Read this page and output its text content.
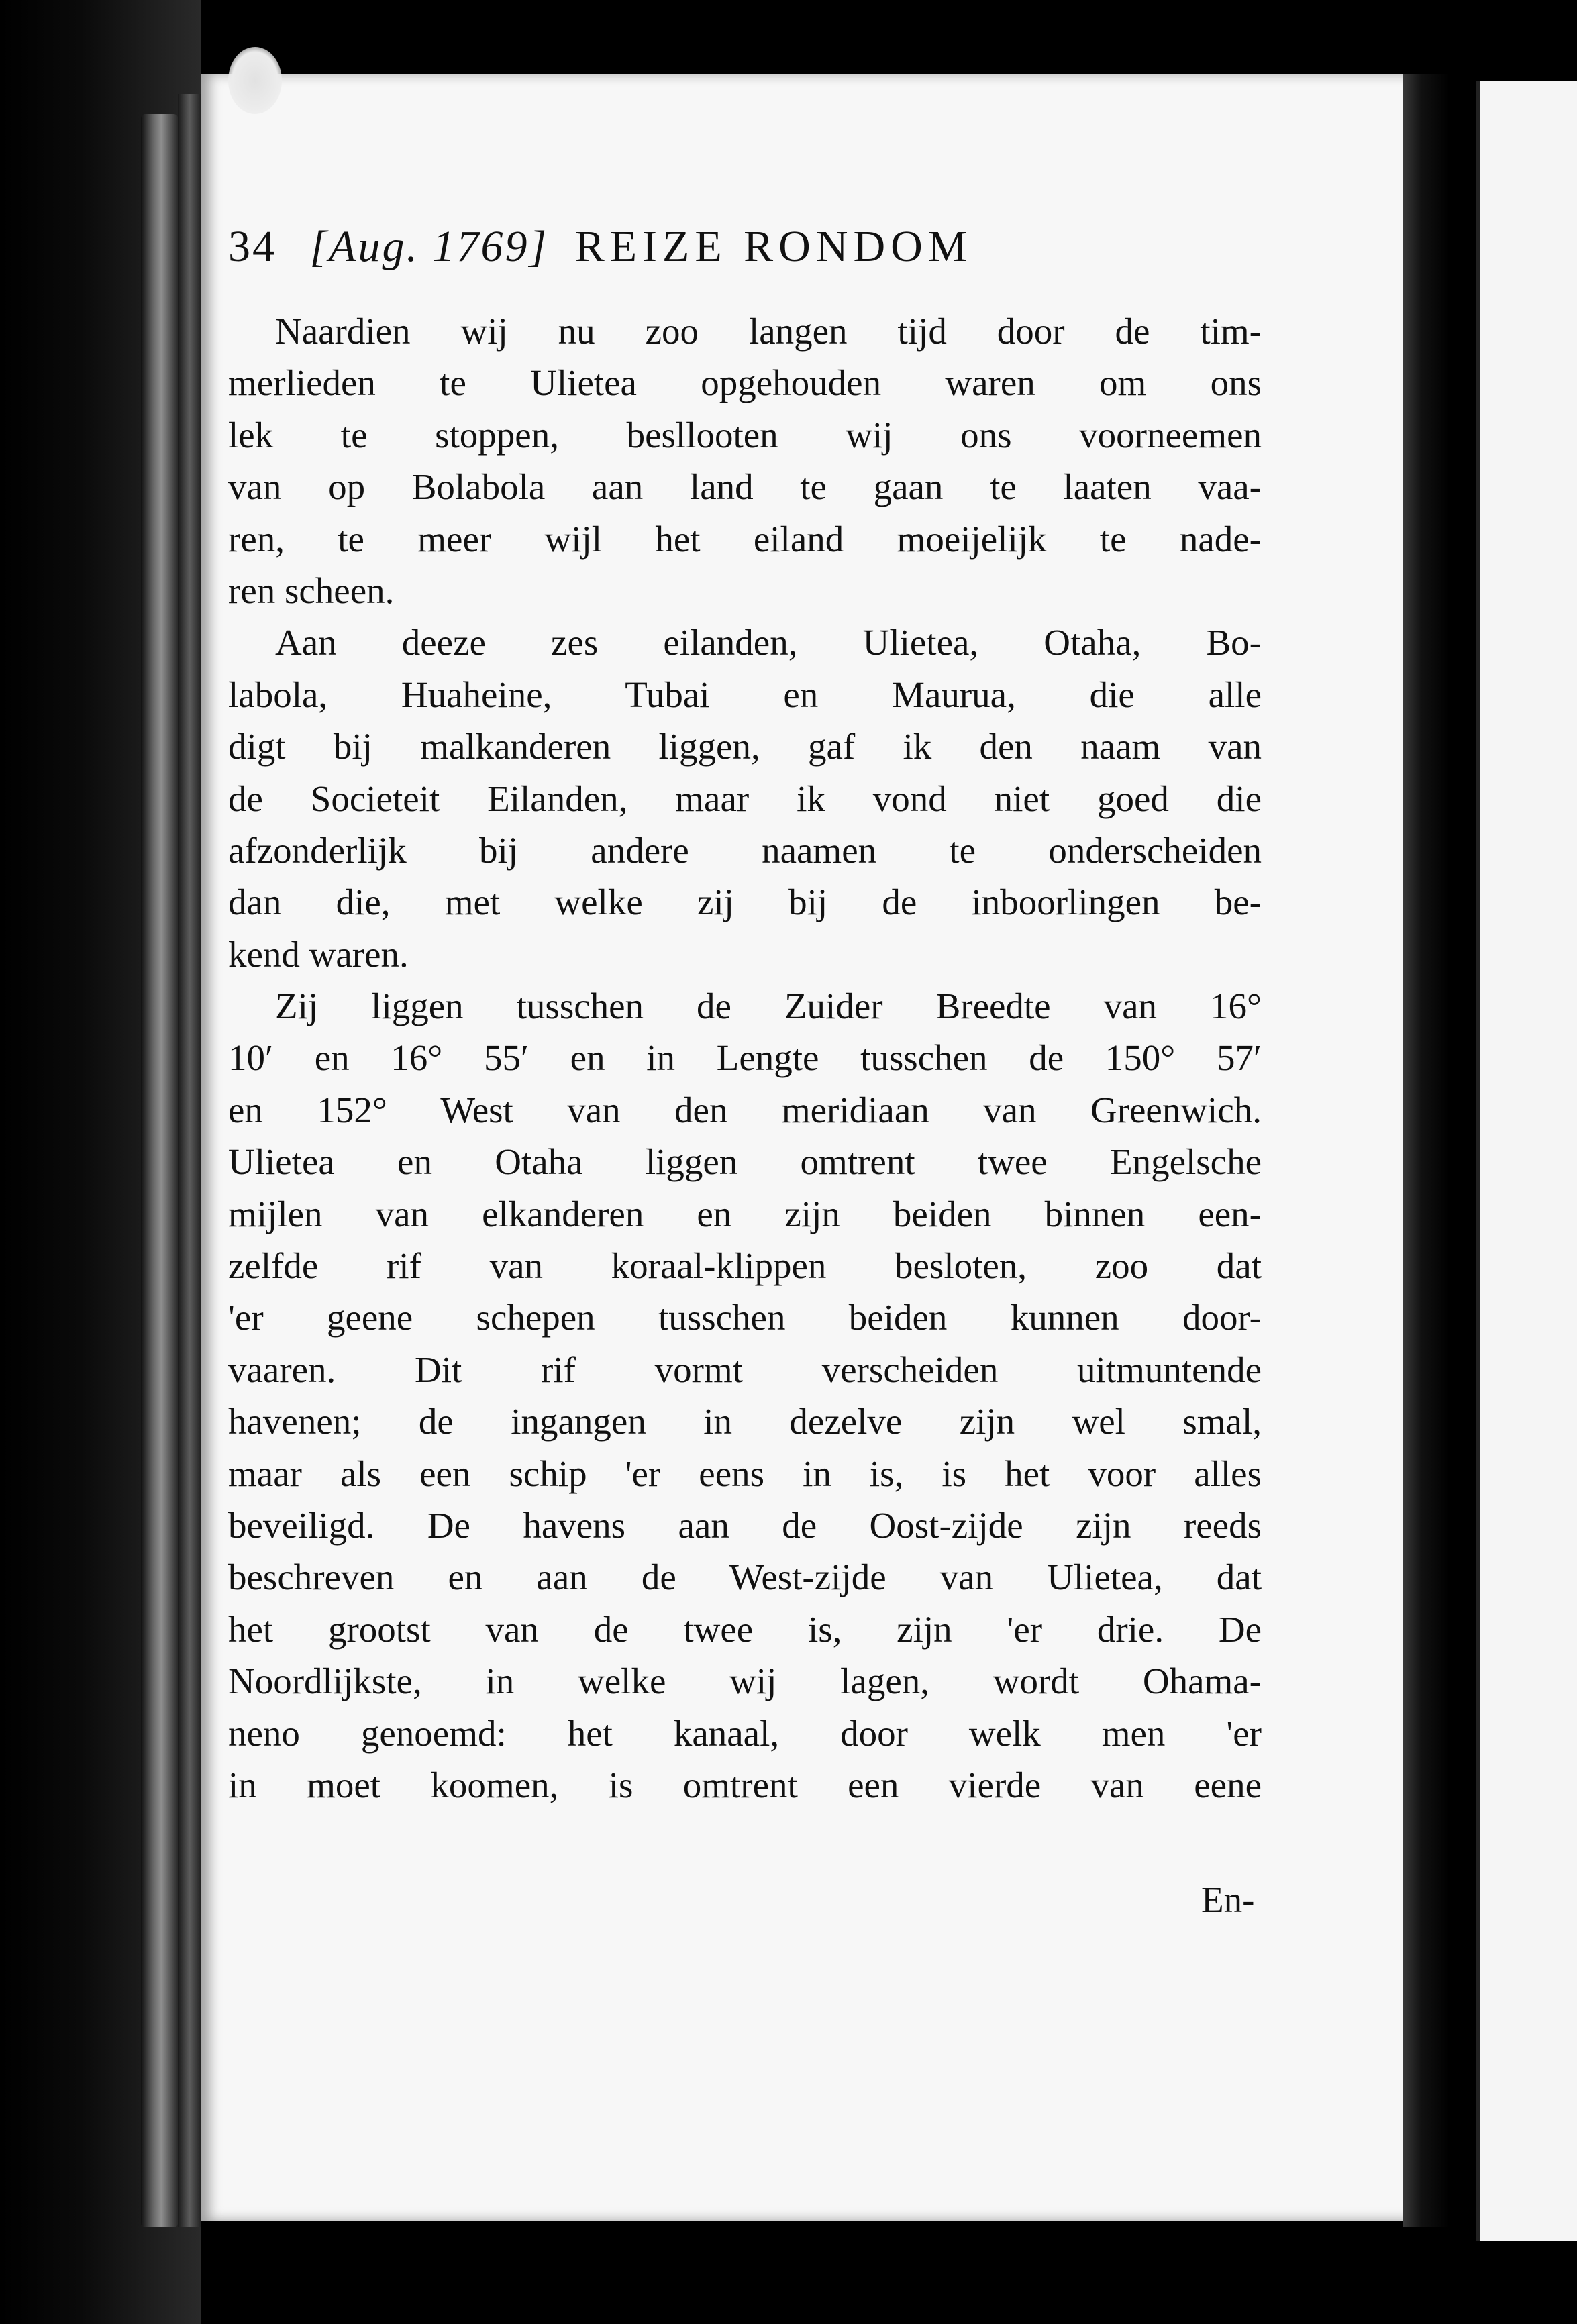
34 [Aug. 1769] REIZE RONDOM
Naardien wij nu zoo langen tijd door de tim-
merlieden te Ulietea opgehouden waren om ons
lek te stoppen, besllooten wij ons voorneemen
van op Bolabola aan land te gaan te laaten vaa-
ren, te meer wijl het eiland moeijelijk te nade-
ren scheen.
Aan deeze zes eilanden, Ulietea, Otaha, Bo-
labola, Huaheine, Tubai en Maurua, die alle
digt bij malkanderen liggen, gaf ik den naam van
de Societeit Eilanden, maar ik vond niet goed die
afzonderlijk bij andere naamen te onderscheiden
dan die, met welke zij bij de inboorlingen be-
kend waren.
Zij liggen tusschen de Zuider Breedte van 16°
10′ en 16° 55′ en in Lengte tusschen de 150° 57′
en 152° West van den meridiaan van Greenwich.
Ulietea en Otaha liggen omtrent twee Engelsche
mijlen van elkanderen en zijn beiden binnen een-
zelfde rif van koraal-klippen besloten, zoo dat
'er geene schepen tusschen beiden kunnen door-
vaaren. Dit rif vormt verscheiden uitmuntende
havenen; de ingangen in dezelve zijn wel smal,
maar als een schip 'er eens in is, is het voor alles
beveiligd. De havens aan de Oost-zijde zijn reeds
beschreven en aan de West-zijde van Ulietea, dat
het grootst van de twee is, zijn 'er drie. De
Noordlijkste, in welke wij lagen, wordt Ohama-
neno genoemd: het kanaal, door welk men 'er
in moet koomen, is omtrent een vierde van eene
En-
